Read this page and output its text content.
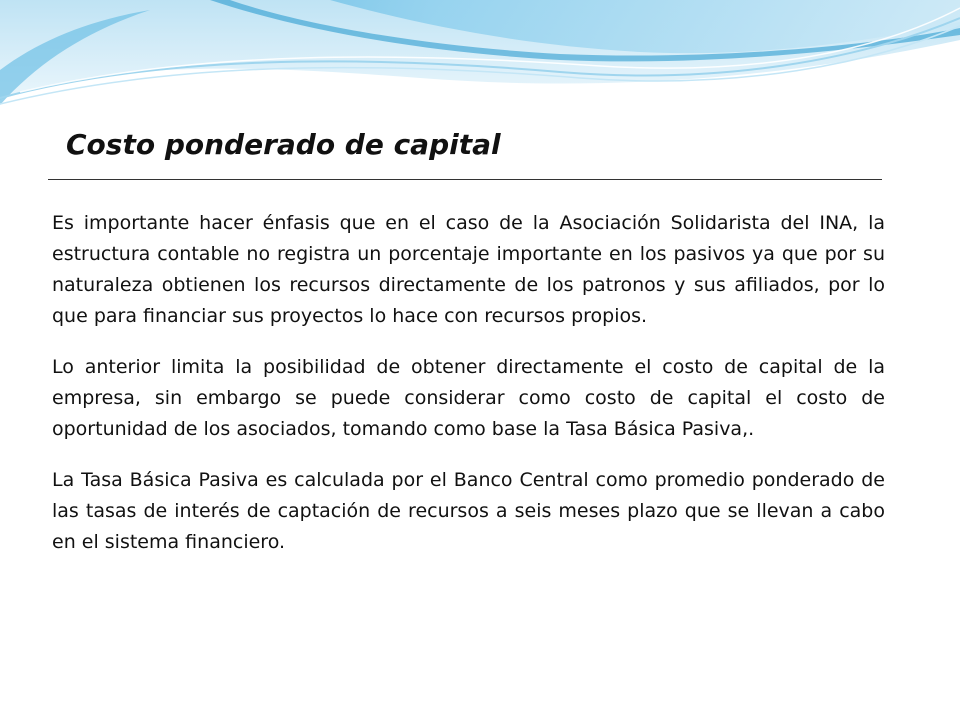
Costo ponderado de capital

Es importante hacer énfasis que en el caso de la Asociación Solidarista del INA, la estructura contable no registra un porcentaje importante en los pasivos ya que por su naturaleza obtienen los recursos directamente de los patronos y sus afiliados, por lo que para financiar sus proyectos lo hace con recursos propios.

Lo anterior limita la posibilidad de obtener directamente el costo de capital de la empresa, sin embargo se puede considerar como costo de capital el costo de oportunidad de los asociados, tomando como base la Tasa Básica Pasiva,.

La Tasa Básica Pasiva es calculada por el Banco Central como promedio ponderado de las tasas de interés de captación de recursos a seis meses plazo que se llevan a cabo en el sistema financiero.
